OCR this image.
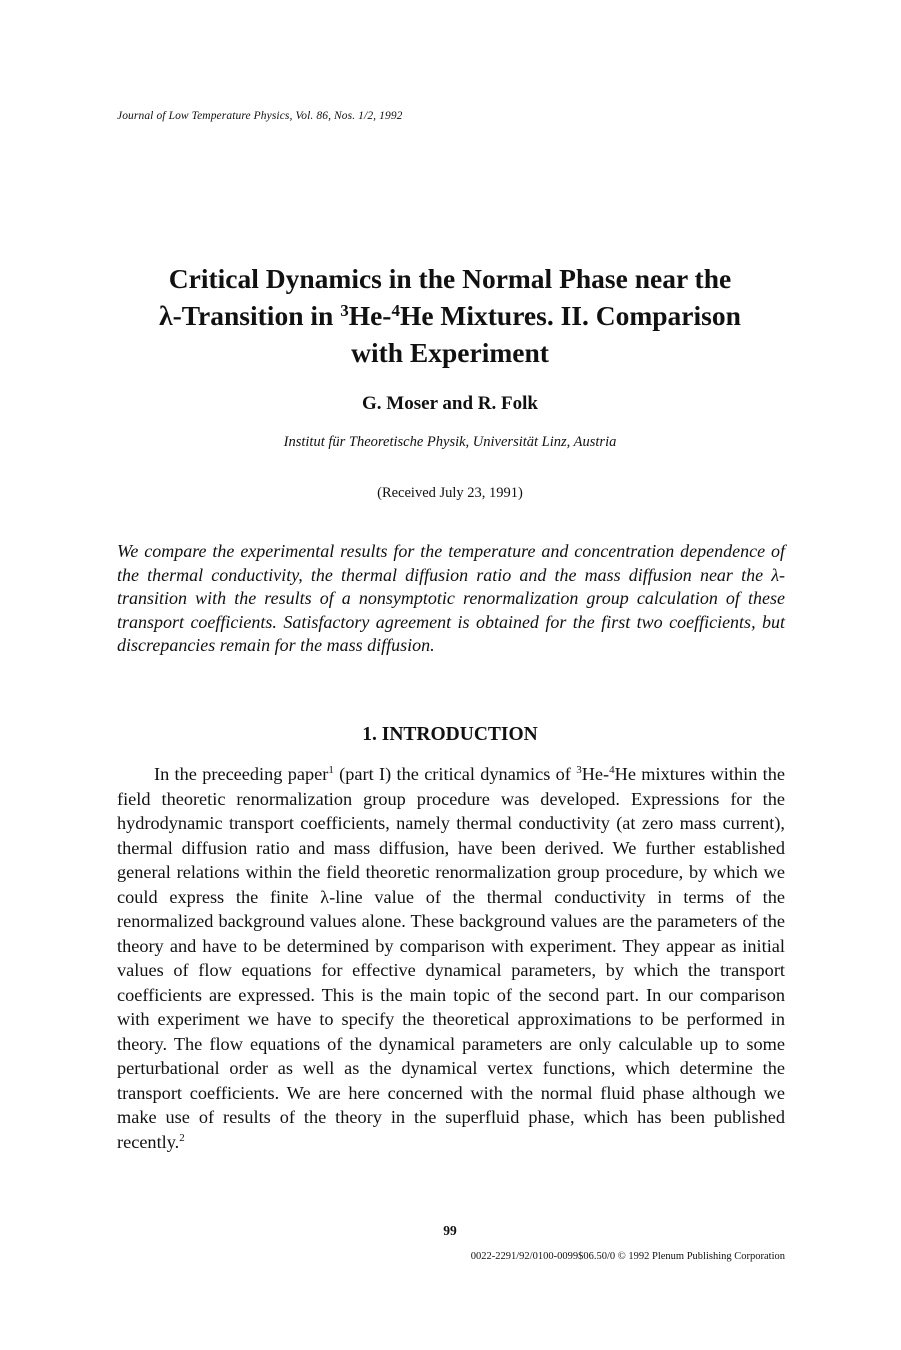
Journal of Low Temperature Physics, Vol. 86, Nos. 1/2, 1992
Critical Dynamics in the Normal Phase near the
λ-Transition in $^3$He-$^4$He Mixtures. II. Comparison
with Experiment
G. Moser and R. Folk
Institut für Theoretische Physik, Universität Linz, Austria
(Received July 23, 1991)

We compare the experimental results for the temperature and concentration dependence of the thermal conductivity, the thermal diffusion ratio and the mass diffusion near the λ-transition with the results of a nonsymptotic renormalization group calculation of these transport coefficients. Satisfactory agreement is obtained for the first two coefficients, but discrepancies remain for the mass diffusion.

1. INTRODUCTION

In the preceeding paper$^1$ (part I) the critical dynamics of $^3$He-$^4$He mixtures within the field theoretic renormalization group procedure was developed. Expressions for the hydrodynamic transport coefficients, namely thermal conductivity (at zero mass current), thermal diffusion ratio and mass diffusion, have been derived. We further established general relations within the field theoretic renormalization group procedure, by which we could express the finite λ-line value of the thermal conductivity in terms of the renormalized background values alone. These background values are the parameters of the theory and have to be determined by comparison with experiment. They appear as initial values of flow equations for effective dynamical parameters, by which the transport coefficients are expressed. This is the main topic of the second part. In our comparison with experiment we have to specify the theoretical approximations to be performed in theory. The flow equations of the dynamical parameters are only calculable up to some perturbational order as well as the dynamical vertex functions, which determine the transport coefficients. We are here concerned with the normal fluid phase although we make use of results of the theory in the superfluid phase, which has been published recently.$^2$

99
0022-2291/92/0100-0099$06.50/0 © 1992 Plenum Publishing Corporation
